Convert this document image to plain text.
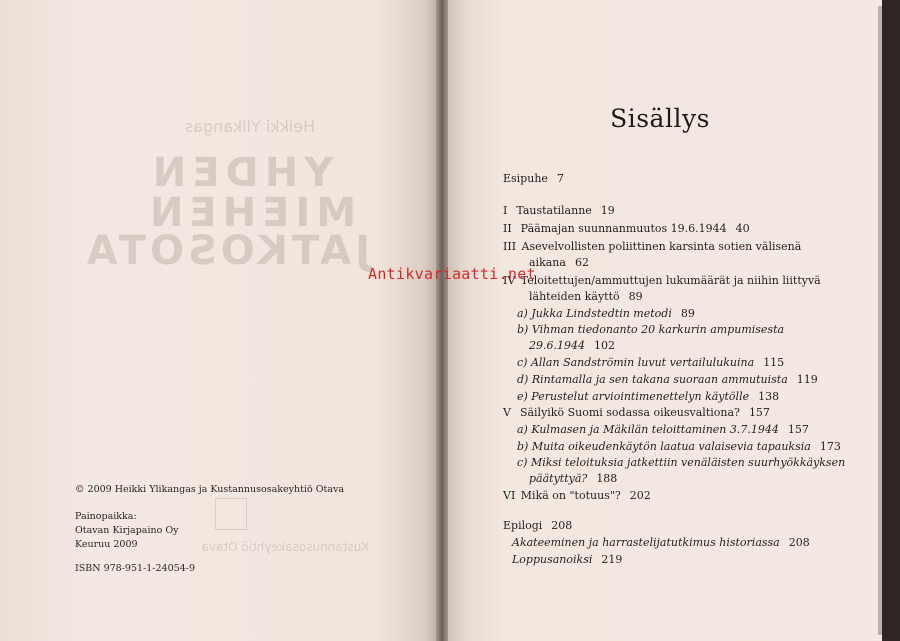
Heikki Ylikangas
YHDEN
MIEHEN
JATKOSOTA
Kustannusosakeyhtiö Otava
© 2009 Heikki Ylikangas ja Kustannusosakeyhtiö Otava
Painopaikka:
Otavan Kirjapaino Oy
Keuruu 2009
ISBN 978-951-1-24054-9
Sisällys
Esipuhe 7
I  Taustatilanne 19
II  Päämajan suunnanmuutos 19.6.1944 40
III Asevelvollisten poliittinen karsinta sotien välisenä
aikana 62
IV Teloitettujen/ammuttujen lukumäärät ja niihin liittyvä
lähteiden käyttö 89
a) Jukka Lindstedtin metodi 89
b) Vihman tiedonanto 20 karkurin ampumisesta
29.6.1944 102
c) Allan Sandströmin luvut vertailulukuina 115
d) Rintamalla ja sen takana suoraan ammutuista 119
e) Perustelut arviointimenettelyn käytölle 138
V  Säilyikö Suomi sodassa oikeusvaltiona? 157
a) Kulmasen ja Mäkilän teloittaminen 3.7.1944 157
b) Muita oikeudenkäytön laatua valaisevia tapauksia 173
c) Miksi teloituksia jatkettiin venäläisten suurhyökkäyksen
päätyttyä? 188
VI Mikä on "totuus"? 202
Epilogi 208
Akateeminen ja harrastelijatutkimus historiassa 208
Loppusanoiksi 219
Antikvariaatti.net
